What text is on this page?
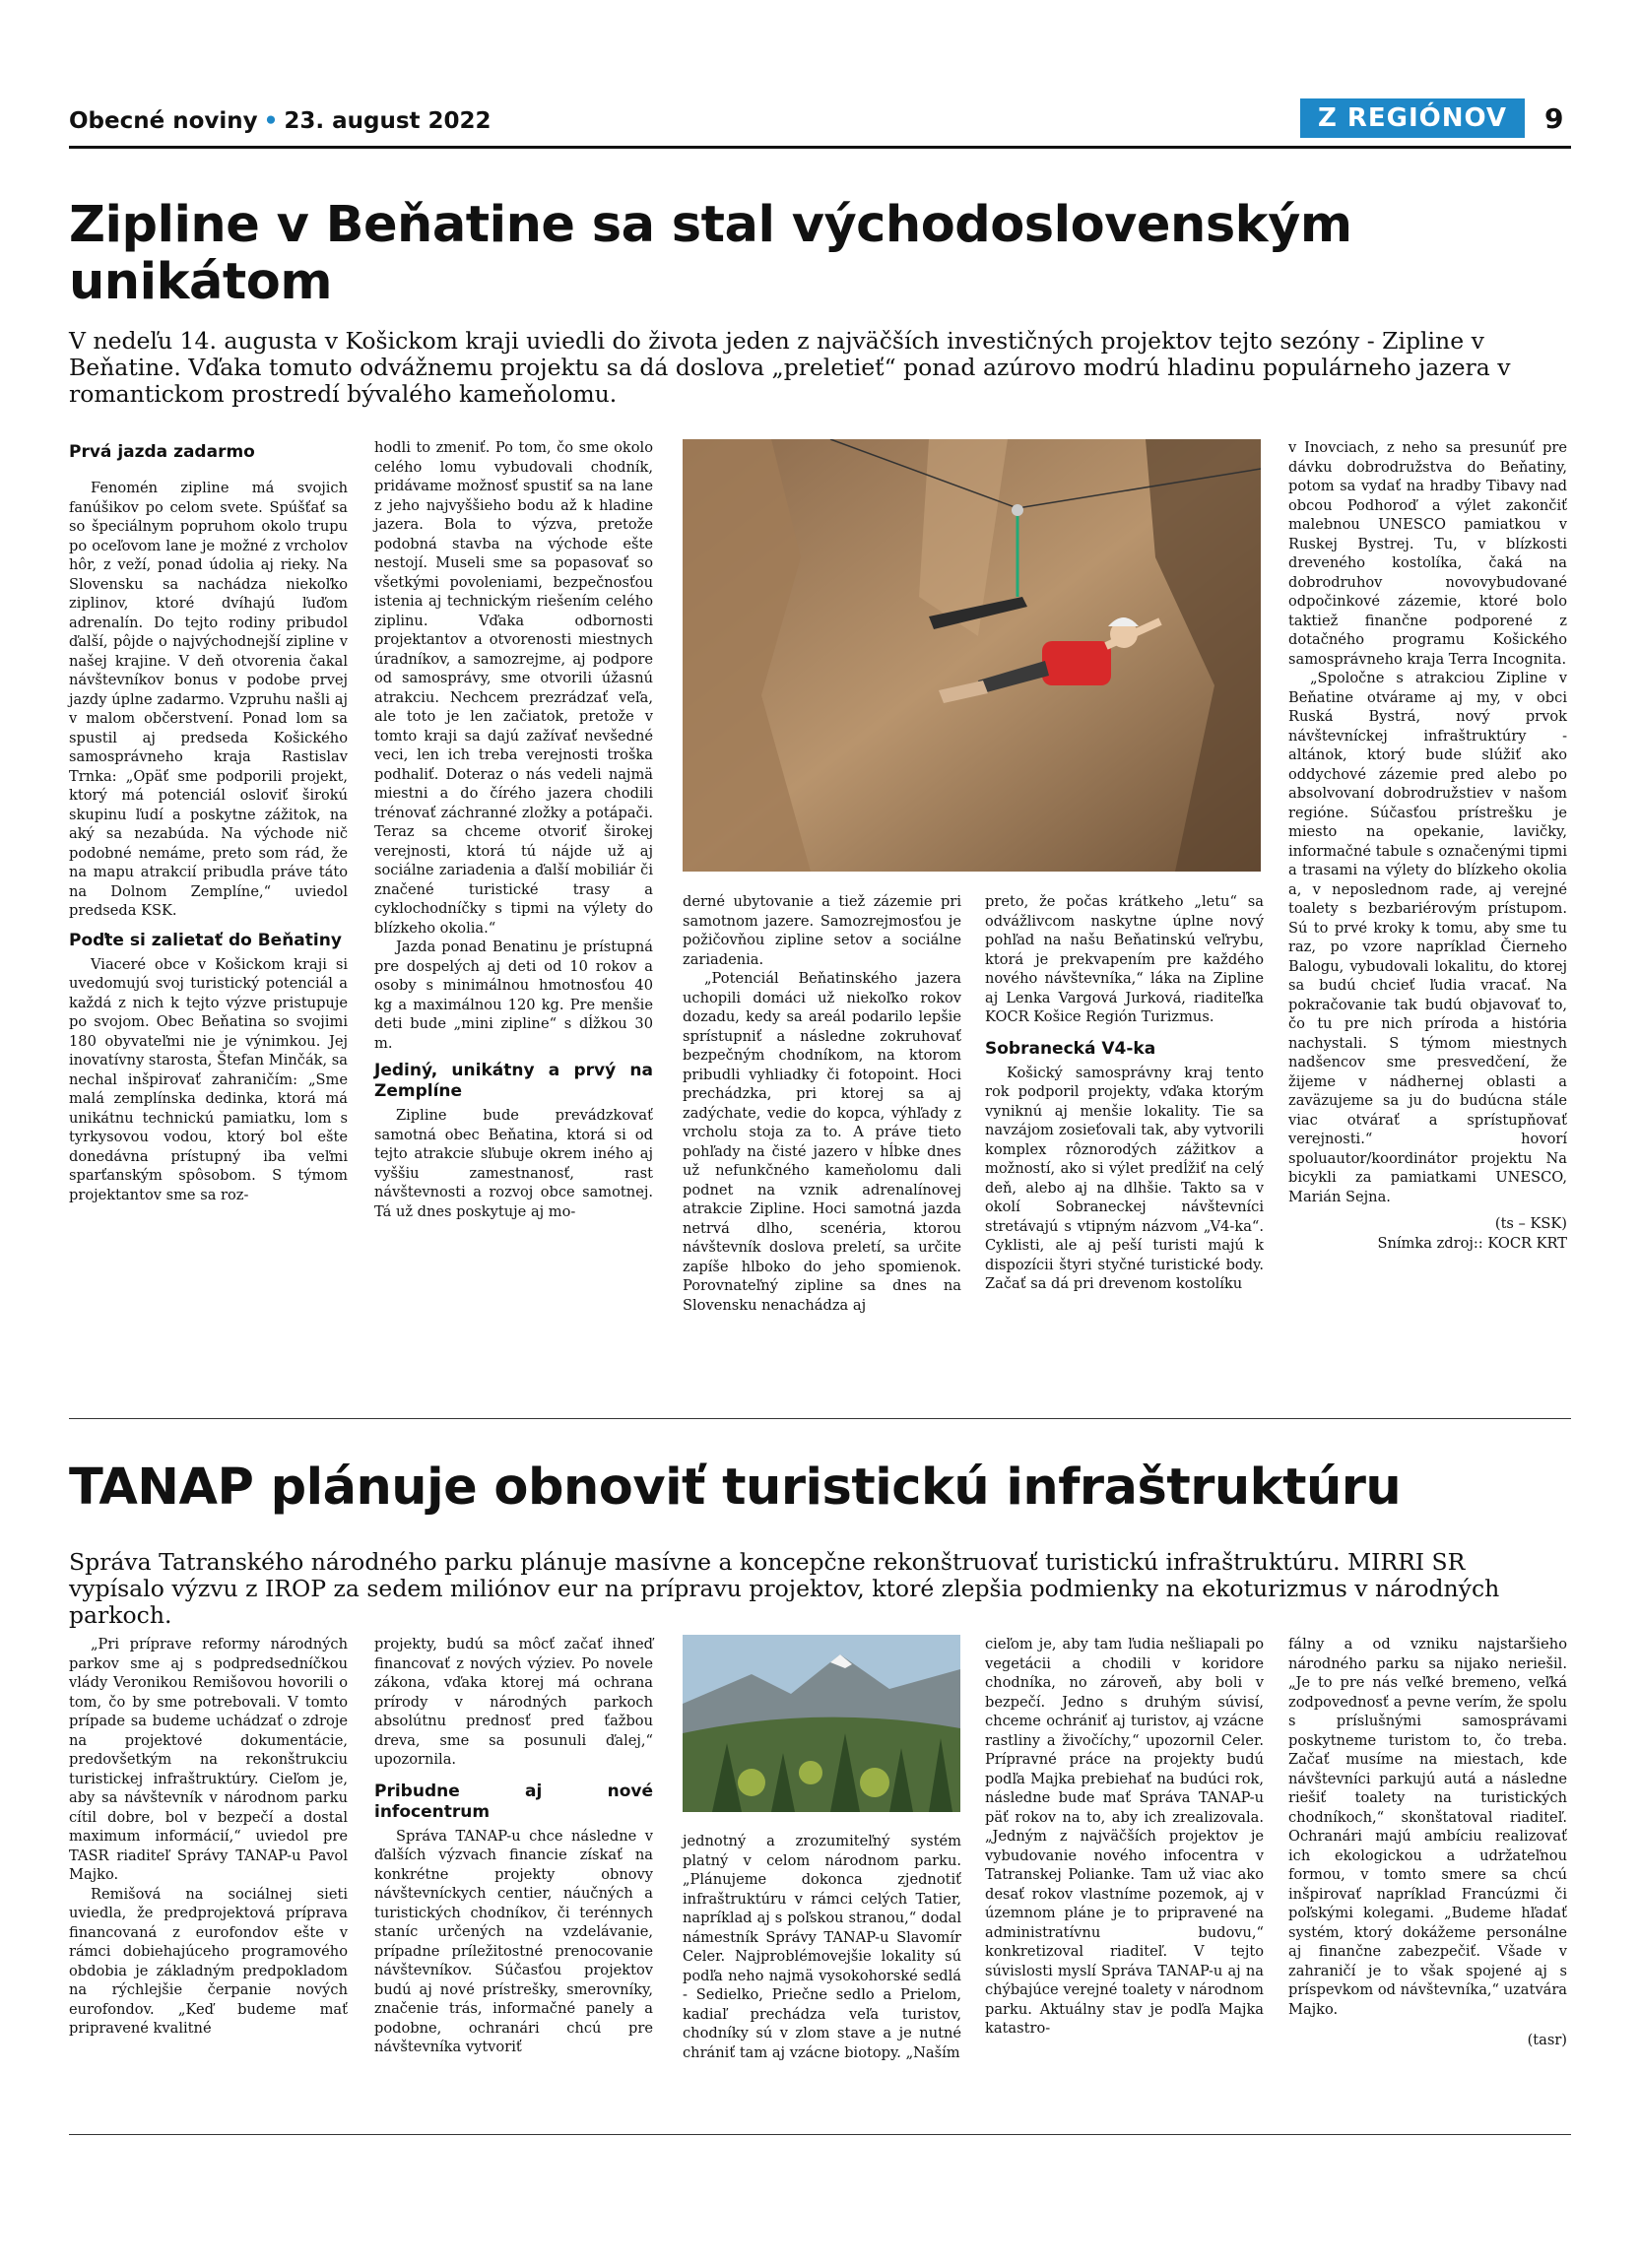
Obecné noviny • 23. august 2022	Z REGIÓNOV	9
Zipline v Beňatine sa stal východoslovenským
unikátom
V nedeľu 14. augusta v Košickom kraji uviedli do života jeden z najväčších investičných projektov tejto sezóny - Zipline v Beňatine. Vďaka tomuto odvážnemu projektu sa dá doslova „preletieť“ ponad azúrovo modrú hladinu populárneho jazera v romantickom prostredí bývalého kameňolomu.
Prvá jazda zadarmo

Fenomén zipline má svojich fanúšikov po celom svete. Spúšťať sa so špeciálnym popruhom okolo trupu po oceľovom lane je možné z vrcholov hôr, z veží, ponad údolia aj rieky. Na Slovensku sa nachádza niekoľko ziplinov, ktoré dvíhajú ľuďom adrenalín. Do tejto rodiny pribudol ďalší, pôjde o najvýchodnejší zipline v našej krajine. V deň otvorenia čakal návštevníkov bonus v podobe prvej jazdy úplne zadarmo. Vzpruhu našli aj v malom občerstvení. Ponad lom sa spustil aj predseda Košického samosprávneho kraja Rastislav Trnka: „Opäť sme podporili projekt, ktorý má potenciál osloviť širokú skupinu ľudí a poskytne zážitok, na aký sa nezabúda. Na východe nič podobné nemáme, preto som rád, že na mapu atrakcií pribudla práve táto na Dolnom Zemplíne,“ uviedol predseda KSK.

Poďte si zalietať do Beňatiny

Viaceré obce v Košickom kraji si uvedomujú svoj turistický potenciál a každá z nich k tejto výzve pristupuje po svojom. Obec Beňatina so svojimi 180 obyvateľmi nie je výnimkou. Jej inovatívny starosta, Štefan Minčák, sa nechal inšpirovať zahraničím: „Sme malá zemplínska dedinka, ktorá má unikátnu technickú pamiatku, lom s tyrkysovou vodou, ktorý bol ešte donedávna prístupný iba veľmi sparťanským spôsobom. S týmom projektantov sme sa roz-

hodli to zmeniť. Po tom, čo sme okolo celého lomu vybudovali chodník, pridávame možnosť spustiť sa na lane z jeho najvyššieho bodu až k hladine jazera. Bola to výzva, pretože podobná stavba na východe ešte nestojí. Museli sme sa popasovať so všetkými povoleniami, bezpečnosťou istenia aj technickým riešením celého ziplinu. Vďaka odbornosti projektantov a otvorenosti miestnych úradníkov, a samozrejme, aj podpore od samosprávy, sme otvorili úžasnú atrakciu. Nechcem prezrádzať veľa, ale toto je len začiatok, pretože v tomto kraji sa dajú zažívať nevšedné veci, len ich treba verejnosti troška podhaliť. Doteraz o nás vedeli najmä miestni a do čírého jazera chodili trénovať záchranné zložky a potápači. Teraz sa chceme otvoriť širokej verejnosti, ktorá tú nájde už aj sociálne zariadenia a ďalší mobiliár či značené turistické trasy a cyklochodníčky s tipmi na výlety do blízkeho okolia.“

Jazda ponad Benatinu je prístupná pre dospelých aj deti od 10 rokov a osoby s minimálnou hmotnosťou 40 kg a maximálnou 120 kg. Pre menšie deti bude „mini zipline“ s dĺžkou 30 m.

Jediný, unikátny a prvý na Zemplíne

Zipline bude prevádzkovať samotná obec Beňatina, ktorá si od tejto atrakcie sľubuje okrem iného aj vyššiu zamestnanosť, rast návštevnosti a rozvoj obce samotnej. Tá už dnes poskytuje aj mo-

derné ubytovanie a tiež zázemie pri samotnom jazere. Samozrejmosťou je požičovňou zipline setov a sociálne zariadenia.

„Potenciál Beňatinského jazera uchopili domáci už niekoľko rokov dozadu, kedy sa areál podarilo lepšie sprístupniť a následne zokruhovať bezpečným chodníkom, na ktorom pribudli vyhliadky či fotopoint. Hoci prechádzka, pri ktorej sa aj zadýchate, vedie do kopca, výhľady z vrcholu stoja za to. A práve tieto pohľady na čisté jazero v hĺbke dnes už nefunkčného kameňolomu dali podnet na vznik adrenalínovej atrakcie Zipline. Hoci samotná jazda netrvá dlho, scenéria, ktorou návštevník doslova preletí, sa určite zapíše hlboko do jeho spomienok. Porovnateľný zipline sa dnes na Slovensku nenachádza aj

preto, že počas krátkeho „letu“ sa odvážlivcom naskytne úplne nový pohľad na našu Beňatinskú veľrybu, ktorá je prekvapením pre každého nového návštevníka,“ láka na Zipline aj Lenka Vargová Jurková, riaditeľka KOCR Košice Región Turizmus.

Sobranecká V4-ka

Košický samosprávny kraj tento rok podporil projekty, vďaka ktorým vyniknú aj menšie lokality. Tie sa navzájom zosieťovali tak, aby vytvorili komplex rôznorodých zážitkov a možností, ako si výlet predĺžiť na celý deň, alebo aj na dlhšie. Takto sa v okolí Sobraneckej návštevníci stretávajú s vtipným názvom „V4-ka“. Cyklisti, ale aj peší turisti majú k dispozícii štyri styčné turistické body. Začať sa dá pri drevenom kostolíku

v Inovciach, z neho sa presunúť pre dávku dobrodružstva do Beňatiny, potom sa vydať na hradby Tibavy nad obcou Podhoroď a výlet zakončiť malebnou UNESCO pamiatkou v Ruskej Bystrej. Tu, v blízkosti dreveného kostolíka, čaká na dobrodruhov novovybudované odpočinkové zázemie, ktoré bolo taktiež finančne podporené z dotačného programu Košického samosprávneho kraja Terra Incognita.

„Spoločne s atrakciou Zipline v Beňatine otvárame aj my, v obci Ruská Bystrá, nový prvok návštevníckej infraštruktúry - altánok, ktorý bude slúžiť ako oddychové zázemie pred alebo po absolvovaní dobrodružstiev v našom regióne. Súčasťou prístrešku je miesto na opekanie, lavičky, informačné tabule s označenými tipmi a trasami na výlety do blízkeho okolia a, v neposlednom rade, aj verejné toalety s bezbariérovým prístupom. Sú to prvé kroky k tomu, aby sme tu raz, po vzore napríklad Čierneho Balogu, vybudovali lokalitu, do ktorej sa budú chcieť ľudia vracať. Na pokračovanie tak budú objavovať to, čo tu pre nich príroda a história nachystali. S týmom miestnych nadšencov sme presvedčení, že žijeme v nádhernej oblasti a zaväzujeme sa ju do budúcna stále viac otvárať a sprístupňovať verejnosti.“ hovorí spoluautor/koordinátor projektu Na bicykli za pamiatkami UNESCO, Marián Sejna.

(ts – KSK)

Snímka zdroj:: KOCR KRT

TANAP plánuje obnoviť turistickú infraštruktúru
Správa Tatranského národného parku plánuje masívne a koncepčne rekonštruovať turistickú infraštruktúru. MIRRI SR vypísalo výzvu z IROP za sedem miliónov eur na prípravu projektov, ktoré zlepšia podmienky na ekoturizmus v národných parkoch.

„Pri príprave reformy národných parkov sme aj s podpredsedníčkou vlády Veronikou Remišovou hovorili o tom, čo by sme potrebovali. V tomto prípade sa budeme uchádzať o zdroje na projektové dokumentácie, predovšetkým na rekonštrukciu turistickej infraštruktúry. Cieľom je, aby sa návštevník v národnom parku cítil dobre, bol v bezpečí a dostal maximum informácií,“ uviedol pre TASR riaditeľ Správy TANAP-u Pavol Majko.

Remišová na sociálnej sieti uviedla, že predprojektová príprava financovaná z eurofondov ešte v rámci dobiehajúceho programového obdobia je základným predpokladom na rýchlejšie čerpanie nových eurofondov. „Keď budeme mať pripravené kvalitné

projekty, budú sa môcť začať ihneď financovať z nových výziev. Po novele zákona, vďaka ktorej má ochrana prírody v národných parkoch absolútnu prednosť pred ťažbou dreva, sme sa posunuli ďalej,“ upozornila.

Pribudne aj nové infocentrum

Správa TANAP-u chce následne v ďalších výzvach financie získať na konkrétne projekty obnovy návštevníckych centier, náučných a turistických chodníkov, či terénnych staníc určených na vzdelávanie, prípadne príležitostné prenocovanie návštevníkov. Súčasťou projektov budú aj nové prístrešky, smerovníky, značenie trás, informačné panely a podobne, ochranári chcú pre návštevníka vytvoriť

jednotný a zrozumiteľný systém platný v celom národnom parku. „Plánujeme dokonca zjednotiť infraštruktúru v rámci celých Tatier, napríklad aj s poľskou stranou,“ dodal námestník Správy TANAP-u Slavomír Celer. Najproblémovejšie lokality sú podľa neho najmä vysokohorské sedlá - Sedielko, Priečne sedlo a Prielom, kadiaľ prechádza veľa turistov, chodníky sú v zlom stave a je nutné chrániť tam aj vzácne biotopy. „Naším

cieľom je, aby tam ľudia nešliapali po vegetácii a chodili v koridore chodníka, no zároveň, aby boli v bezpečí. Jedno s druhým súvisí, chceme ochrániť aj turistov, aj vzácne rastliny a živočíchy,“ upozornil Celer. Prípravné práce na projekty budú podľa Majka prebiehať na budúci rok, následne bude mať Správa TANAP-u päť rokov na to, aby ich zrealizovala. „Jedným z najväčších projektov je vybudovanie nového infocentra v Tatranskej Polianke. Tam už viac ako desať rokov vlastníme pozemok, aj v územnom pláne je to pripravené na administratívnu budovu,“ konkretizoval riaditeľ. V tejto súvislosti myslí Správa TANAP-u aj na chýbajúce verejné toalety v národnom parku. Aktuálny stav je podľa Majka katastro-

fálny a od vzniku najstaršieho národného parku sa nijako neriešil. „Je to pre nás veľké bremeno, veľká zodpovednosť a pevne verím, že spolu s príslušnými samosprávami poskytneme turistom to, čo treba. Začať musíme na miestach, kde návštevníci parkujú autá a následne riešiť toalety na turistických chodníkoch,“ skonštatoval riaditeľ. Ochranári majú ambíciu realizovať ich ekologickou a udržateľnou formou, v tomto smere sa chcú inšpirovať napríklad Francúzmi či poľskými kolegami. „Budeme hľadať systém, ktorý dokážeme personálne aj finančne zabezpečiť. Všade v zahraničí je to však spojené aj s príspevkom od návštevníka,“ uzatvára Majko.

(tasr)
